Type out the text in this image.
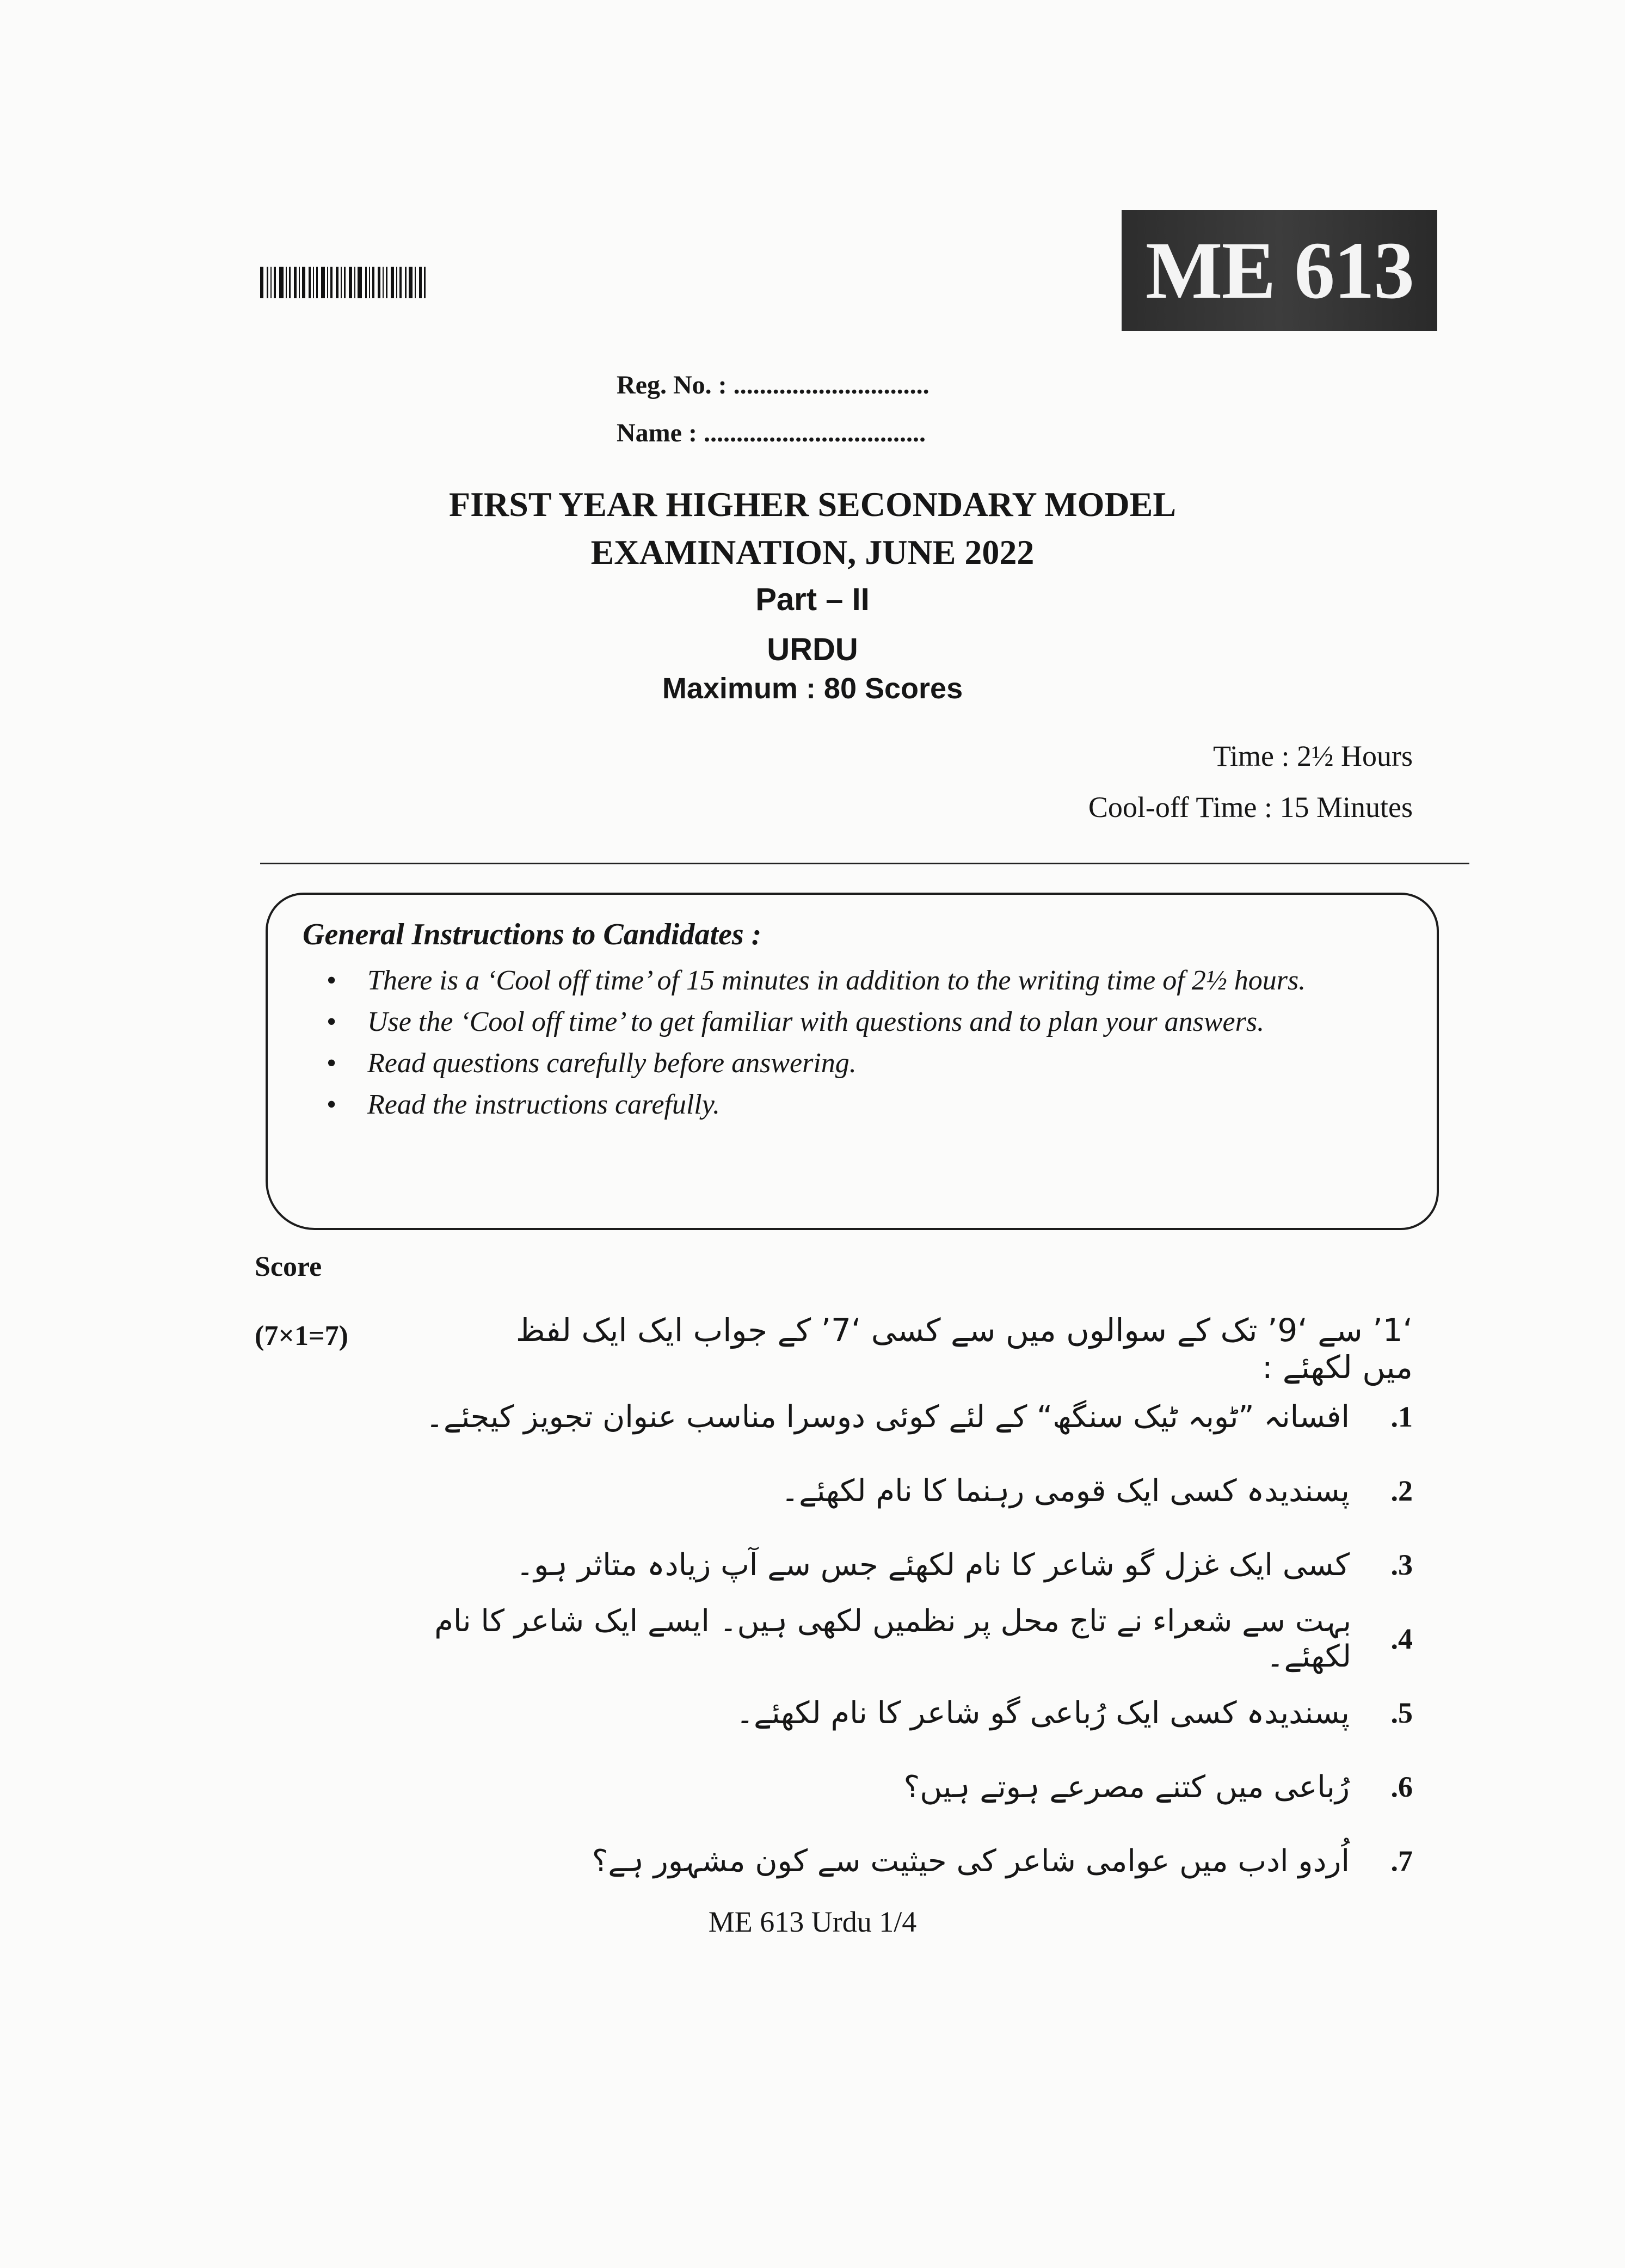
ME 613
Reg. No. : ..............................
Name : ..................................
FIRST YEAR HIGHER SECONDARY MODEL
EXAMINATION, JUNE 2022
Part – II
URDU
Maximum : 80 Scores
Time : 2½ Hours
Cool-off Time : 15 Minutes
General Instructions to Candidates :
• There is a ‘Cool off time’ of 15 minutes in addition to the writing time of 2½ hours.
• Use the ‘Cool off time’ to get familiar with questions and to plan your answers.
• Read questions carefully before answering.
• Read the instructions carefully.
Score
(7×1=7)	‘1’ سے ‘9’ تک کے سوالوں میں سے کسی ‘7’ کے جواب ایک ایک لفظ میں لکھئے :
.1
افسانہ ”ٹوبہ ٹیک سنگھ“ کے لئے کوئی دوسرا مناسب عنوان تجویز کیجئے۔
.2
پسندیدہ کسی ایک قومی رہنما کا نام لکھئے۔
.3
کسی ایک غزل گو شاعر کا نام لکھئے جس سے آپ زیادہ متاثر ہو۔
.4
بہت سے شعراء نے تاج محل پر نظمیں لکھی ہیں۔ ایسے ایک شاعر کا نام لکھئے۔
.5
پسندیدہ کسی ایک رُباعی گو شاعر کا نام لکھئے۔
.6
رُباعی میں کتنے مصرعے ہوتے ہیں؟
.7
اُردو ادب میں عوامی شاعر کی حیثیت سے کون مشہور ہے؟
ME 613 Urdu 1/4
